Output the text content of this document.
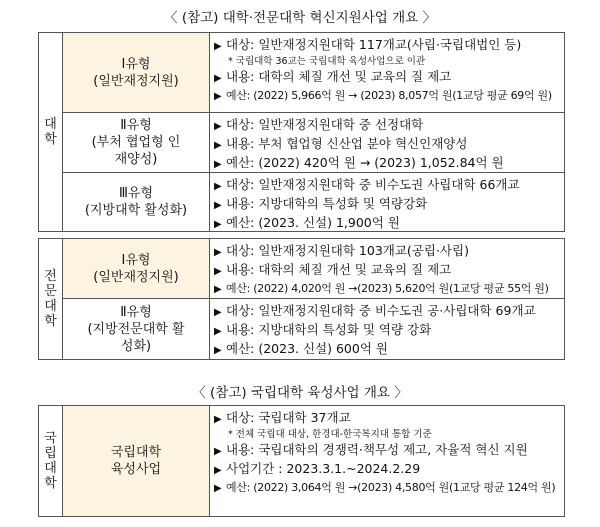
〈 (참고) 대학·전문대학 혁신지원사업 개요 〉
대학
Ⅰ유형
(일반재정지원)
▶ 대상: 일반재정지원대학 117개교(사립·국립대법인 등)
* 국립대학 36교는 국립대학 육성사업으로 이관
▶ 내용: 대학의 체질 개선 및 교육의 질 제고
▶ 예산: (2022) 5,966억 원 → (2023) 8,057억 원(1교당 평균 69억 원)
Ⅱ유형
(부처 협업형 인재양성)
▶ 대상: 일반재정지원대학 중 선정대학
▶ 내용: 부처 협업형 신산업 분야 혁신인재양성
▶ 예산: (2022) 420억 원 → (2023) 1,052.84억 원
Ⅲ유형
(지방대학 활성화)
▶ 대상: 일반재정지원대학 중 비수도권 사립대학 66개교
▶ 내용: 지방대학의 특성화 및 역량강화
▶ 예산: (2023. 신설) 1,900억 원
전문대학
Ⅰ유형
(일반재정지원)
▶ 대상: 일반재정지원대학 103개교(공립·사립)
▶ 내용: 대학의 체질 개선 및 교육의 질 제고
▶ 예산: (2022) 4,020억 원 →(2023) 5,620억 원(1교당 평균 55억 원)
Ⅱ유형
(지방전문대학 활성화)
▶ 대상: 일반재정지원대학 중 비수도권 공·사립대학 69개교
▶ 내용: 지방대학의 특성화 및 역량 강화
▶ 예산: (2023. 신설) 600억 원
〈 (참고) 국립대학 육성사업 개요 〉
국립대학
국립대학
육성사업
▶ 대상: 국립대학 37개교
* 전체 국립대 대상, 한경대-한국복지대 통합 기준
▶ 내용: 국립대학의 경쟁력·책무성 제고, 자율적 혁신 지원
▶ 사업기간 : 2023.3.1.~2024.2.29
▶ 예산: (2022) 3,064억 원 →(2023) 4,580억 원(1교당 평균 124억 원)
